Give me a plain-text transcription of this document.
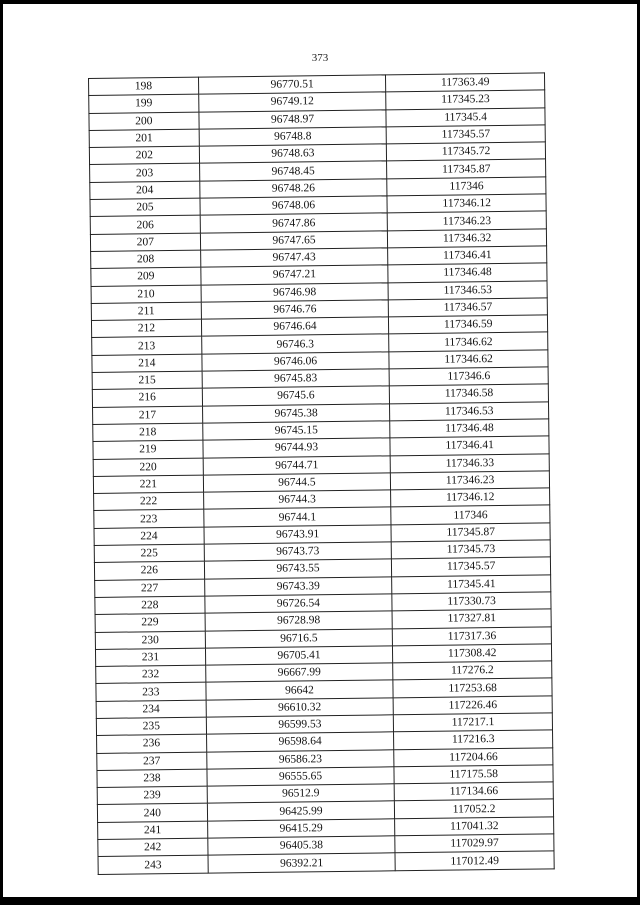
373
198	96770.51	117363.49
199	96749.12	117345.23
200	96748.97	117345.4
201	96748.8	117345.57
202	96748.63	117345.72
203	96748.45	117345.87
204	96748.26	117346
205	96748.06	117346.12
206	96747.86	117346.23
207	96747.65	117346.32
208	96747.43	117346.41
209	96747.21	117346.48
210	96746.98	117346.53
211	96746.76	117346.57
212	96746.64	117346.59
213	96746.3	117346.62
214	96746.06	117346.62
215	96745.83	117346.6
216	96745.6	117346.58
217	96745.38	117346.53
218	96745.15	117346.48
219	96744.93	117346.41
220	96744.71	117346.33
221	96744.5	117346.23
222	96744.3	117346.12
223	96744.1	117346
224	96743.91	117345.87
225	96743.73	117345.73
226	96743.55	117345.57
227	96743.39	117345.41
228	96726.54	117330.73
229	96728.98	117327.81
230	96716.5	117317.36
231	96705.41	117308.42
232	96667.99	117276.2
233	96642	117253.68
234	96610.32	117226.46
235	96599.53	117217.1
236	96598.64	117216.3
237	96586.23	117204.66
238	96555.65	117175.58
239	96512.9	117134.66
240	96425.99	117052.2
241	96415.29	117041.32
242	96405.38	117029.97
243	96392.21	117012.49
